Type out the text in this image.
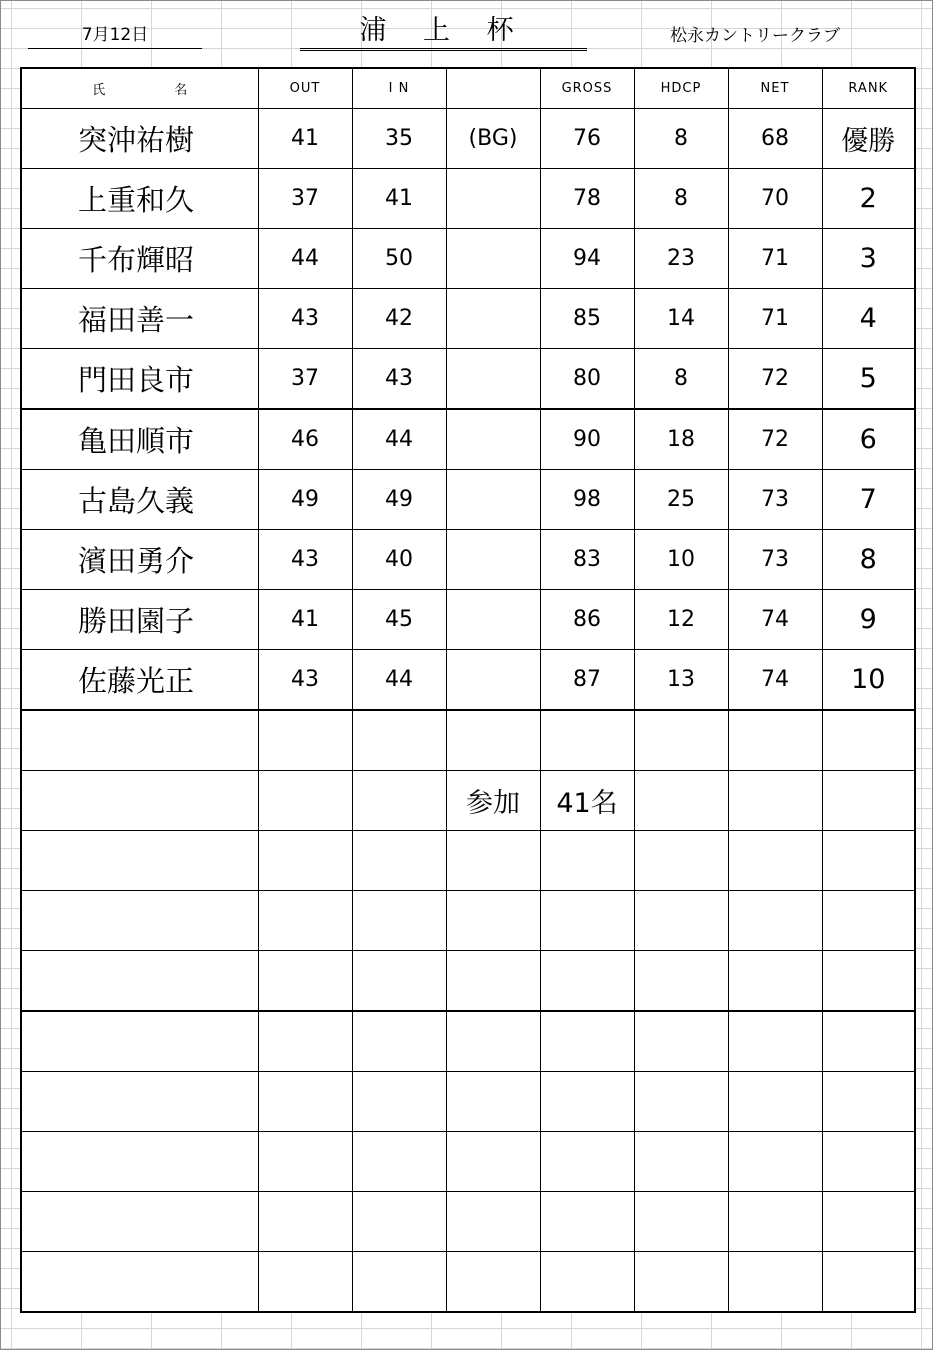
7月12日	浦 上 杯	松永カントリークラブ
氏　名	OUT	I N		GROSS	HDCP	NET	RANK
突沖祐樹	41	35	(BG)	76	8	68	優勝
上重和久	37	41		78	8	70	2
千布輝昭	44	50		94	23	71	3
福田善一	43	42		85	14	71	4
門田良市	37	43		80	8	72	5
亀田順市	46	44		90	18	72	6
古島久義	49	49		98	25	73	7
濱田勇介	43	40		83	10	73	8
勝田園子	41	45		86	12	74	9
佐藤光正	43	44		87	13	74	10

			参加	41名			
